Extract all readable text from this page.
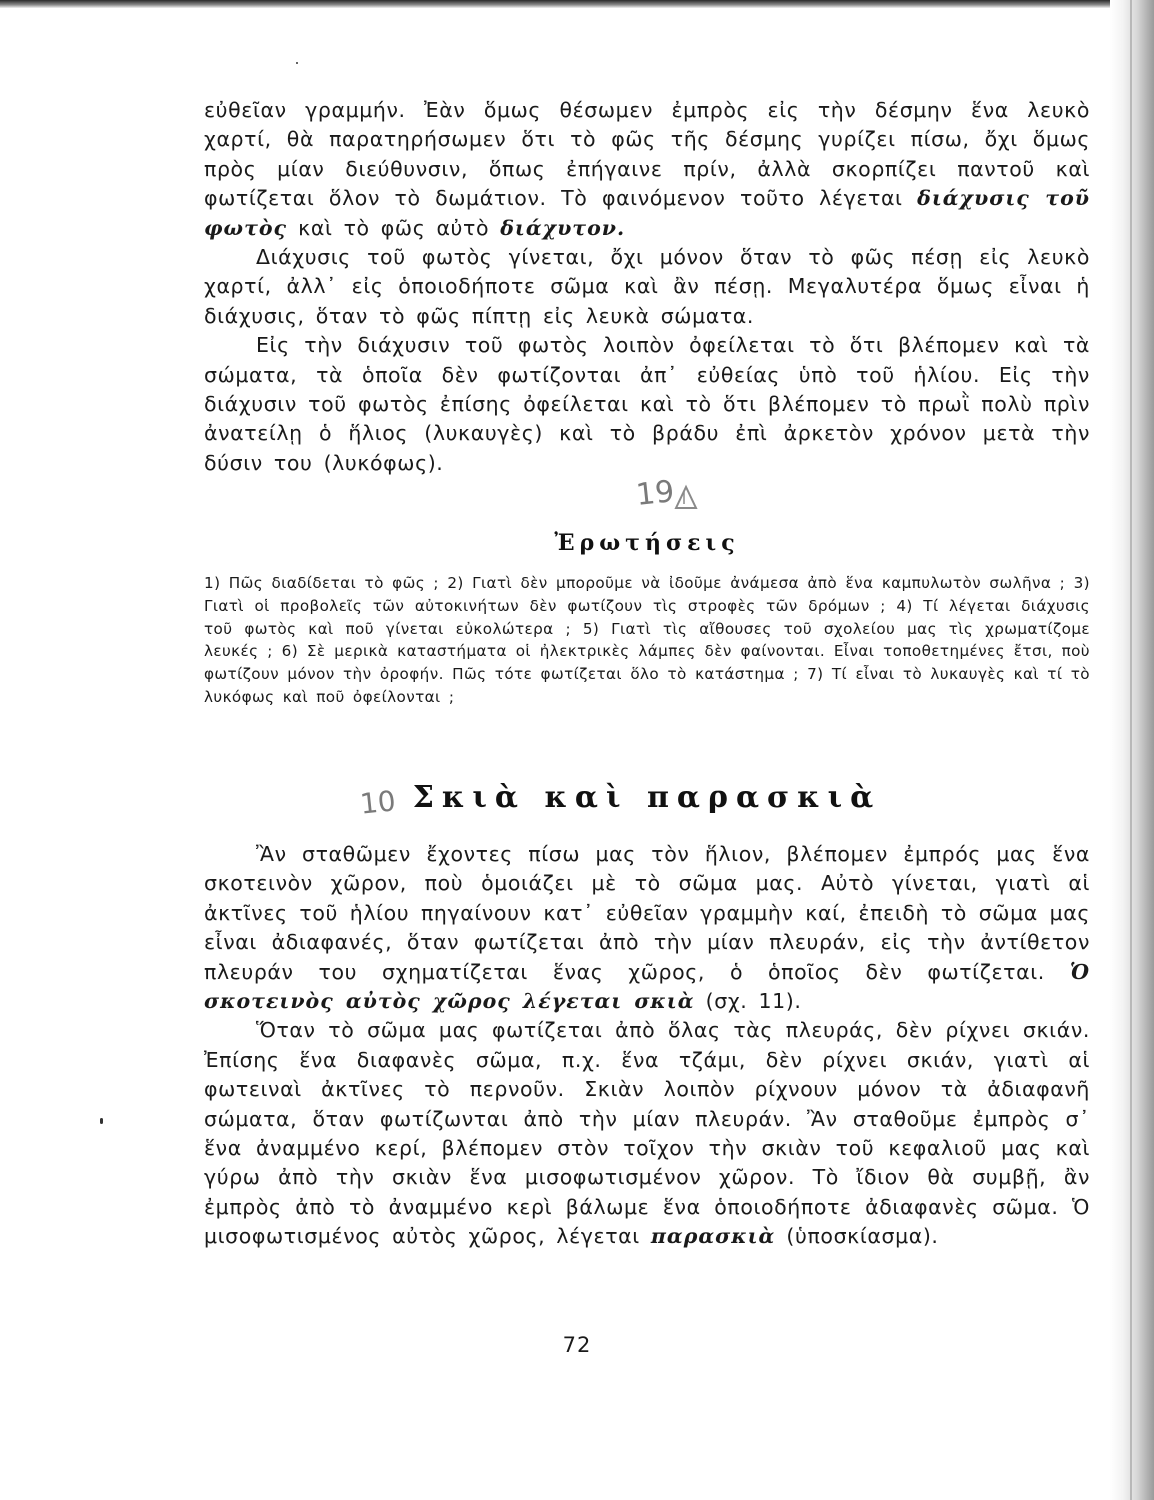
εὐθεῖαν γραμμήν. Ἐὰν ὅμως θέσωμεν ἐμπρὸς εἰς τὴν δέσμην ἕνα λευκὸ χαρτί, θὰ παρατηρήσωμεν ὅτι τὸ φῶς τῆς δέσμης γυρίζει πίσω, ὄχι ὅμως πρὸς μίαν διεύθυνσιν, ὅπως ἐπήγαινε πρίν, ἀλλὰ σκορπίζει παντοῦ καὶ φωτίζεται ὅλον τὸ δωμάτιον. Τὸ φαινόμενον τοῦτο λέγεται διάχυσις τοῦ φωτὸς καὶ τὸ φῶς αὐτὸ διάχυτον.

Διάχυσις τοῦ φωτὸς γίνεται, ὄχι μόνον ὅταν τὸ φῶς πέσῃ εἰς λευκὸ χαρτί, ἀλλ᾽ εἰς ὁποιοδήποτε σῶμα καὶ ἂν πέσῃ. Μεγαλυτέρα ὅμως εἶναι ἡ διάχυσις, ὅταν τὸ φῶς πίπτῃ εἰς λευκὰ σώματα.

Εἰς τὴν διάχυσιν τοῦ φωτὸς λοιπὸν ὀφείλεται τὸ ὅτι βλέπομεν καὶ τὰ σώματα, τὰ ὁποῖα δὲν φωτίζονται ἀπ᾽ εὐθείας ὑπὸ τοῦ ἡλίου. Εἰς τὴν διάχυσιν τοῦ φωτὸς ἐπίσης ὀφείλεται καὶ τὸ ὅτι βλέπομεν τὸ πρωῒ πολὺ πρὶν ἀνατείλῃ ὁ ἥλιος (λυκαυγὲς) καὶ τὸ βράδυ ἐπὶ ἀρκετὸν χρόνον μετὰ τὴν δύσιν του (λυκόφως).

19
Ἐρωτήσεις
1) Πῶς διαδίδεται τὸ φῶς ; 2) Γιατὶ δὲν μποροῦμε νὰ ἰδοῦμε ἀνάμεσα ἀπὸ ἕνα καμπυλωτὸν σωλῆνα ; 3) Γιατὶ οἱ προβολεῖς τῶν αὐτοκινήτων δὲν φωτίζουν τὶς στροφὲς τῶν δρόμων ; 4) Τί λέγεται διάχυσις τοῦ φωτὸς καὶ ποῦ γίνεται εὐκολώτερα ; 5) Γιατὶ τὶς αἴθουσες τοῦ σχολείου μας τὶς χρωματίζομε λευκές ; 6) Σὲ μερικὰ καταστήματα οἱ ἠλεκτρικὲς λάμπες δὲν φαίνονται. Εἶναι τοποθετημένες ἔτσι, ποὺ φωτίζουν μόνον τὴν ὀροφήν. Πῶς τότε φωτίζεται ὅλο τὸ κατάστημα ; 7) Τί εἶναι τὸ λυκαυγὲς καὶ τί τὸ λυκόφως καὶ ποῦ ὀφείλονται ;
10 Σκιὰ καὶ παρασκιὰ

Ἂν σταθῶμεν ἔχοντες πίσω μας τὸν ἥλιον, βλέπομεν ἐμπρός μας ἕνα σκοτεινὸν χῶρον, ποὺ ὁμοιάζει μὲ τὸ σῶμα μας. Αὐτὸ γίνεται, γιατὶ αἱ ἀκτῖνες τοῦ ἡλίου πηγαίνουν κατ᾽ εὐθεῖαν γραμμὴν καί, ἐπειδὴ τὸ σῶμα μας εἶναι ἀδιαφανές, ὅταν φωτίζεται ἀπὸ τὴν μίαν πλευράν, εἰς τὴν ἀντίθετον πλευράν του σχηματίζεται ἕνας χῶρος, ὁ ὁποῖος δὲν φωτίζεται. Ὁ σκοτεινὸς αὐτὸς χῶρος λέγεται σκιὰ (σχ. 11).

Ὅταν τὸ σῶμα μας φωτίζεται ἀπὸ ὅλας τὰς πλευράς, δὲν ρίχνει σκιάν. Ἐπίσης ἕνα διαφανὲς σῶμα, π.χ. ἕνα τζάμι, δὲν ρίχνει σκιάν, γιατὶ αἱ φωτειναὶ ἀκτῖνες τὸ περνοῦν. Σκιὰν λοιπὸν ρίχνουν μόνον τὰ ἀδιαφανῆ σώματα, ὅταν φωτίζωνται ἀπὸ τὴν μίαν πλευράν. Ἂν σταθοῦμε ἐμπρὸς σ᾽ ἕνα ἀναμμένο κερί, βλέπομεν στὸν τοῖχον τὴν σκιὰν τοῦ κεφαλιοῦ μας καὶ γύρω ἀπὸ τὴν σκιὰν ἕνα μισοφωτισμένον χῶρον. Τὸ ἴδιον θὰ συμβῇ, ἂν ἐμπρὸς ἀπὸ τὸ ἀναμμένο κερὶ βάλωμε ἕνα ὁποιοδήποτε ἀδιαφανὲς σῶμα. Ὁ μισοφωτισμένος αὐτὸς χῶρος, λέγεται παρασκιὰ (ὑποσκίασμα).

72
